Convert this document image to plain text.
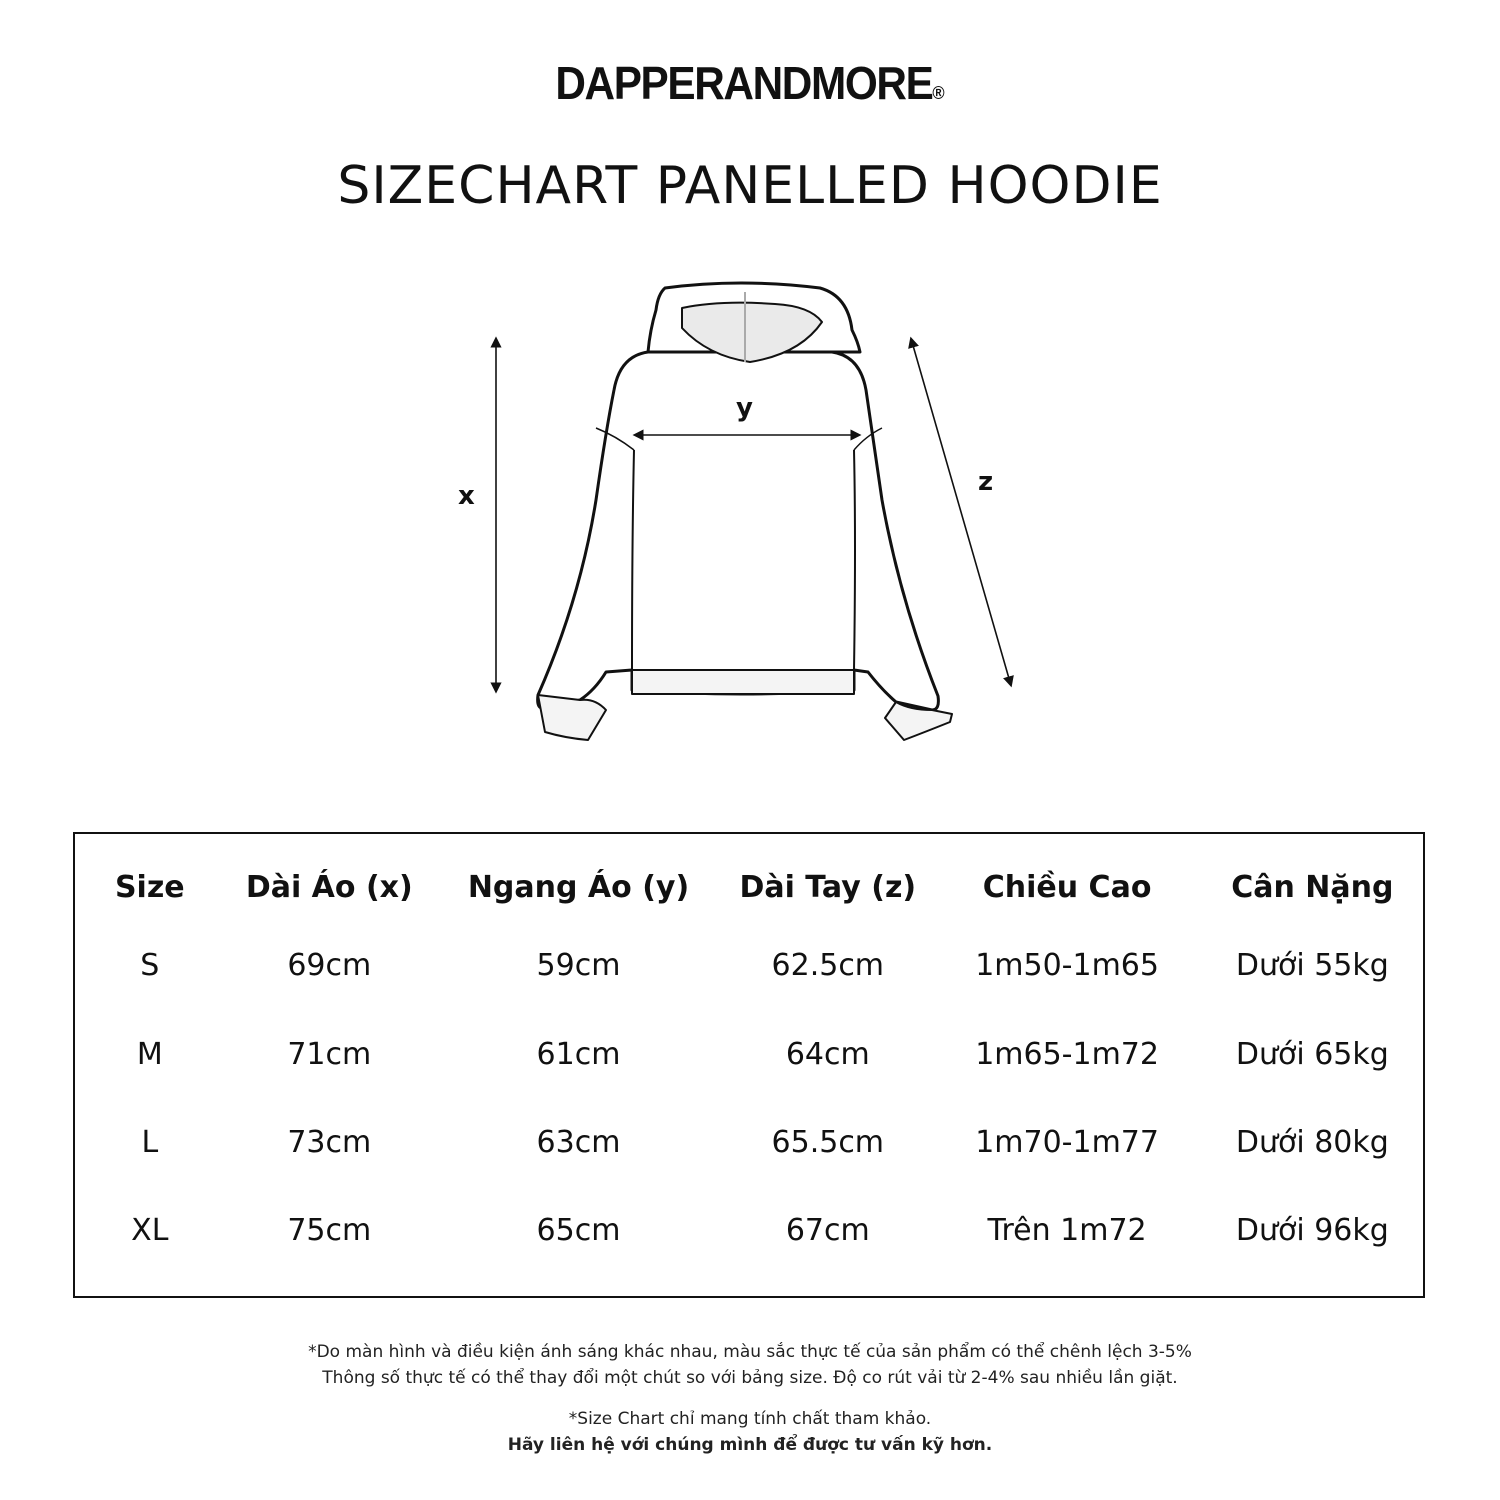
DAPPERANDMORE®
SIZECHART PANELLED HOODIE
x
y
z
Size	Dài Áo (x)	Ngang Áo (y)	Dài Tay (z)	Chiều Cao	Cân Nặng
S	69cm	59cm	62.5cm	1m50-1m65	Dưới 55kg
M	71cm	61cm	64cm	1m65-1m72	Dưới 65kg
L	73cm	63cm	65.5cm	1m70-1m77	Dưới 80kg
XL	75cm	65cm	67cm	Trên 1m72	Dưới 96kg
*Do màn hình và điều kiện ánh sáng khác nhau, màu sắc thực tế của sản phẩm có thể chênh lệch 3-5%
Thông số thực tế có thể thay đổi một chút so với bảng size. Độ co rút vải từ 2-4% sau nhiều lần giặt.
*Size Chart chỉ mang tính chất tham khảo.
Hãy liên hệ với chúng mình để được tư vấn kỹ hơn.
